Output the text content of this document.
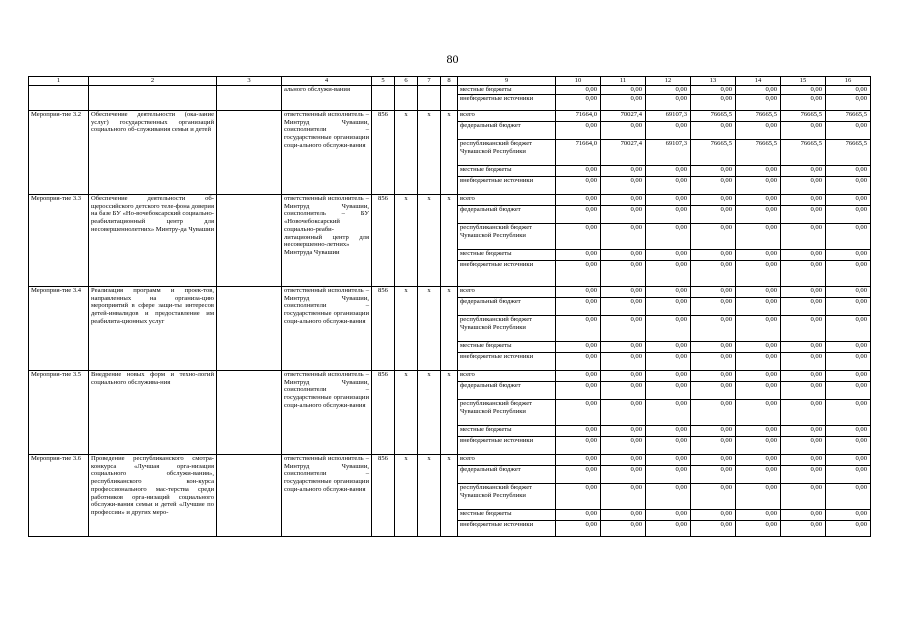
80
1	2	3	4	5	6	7	8	9	10	11	12	13	14	15	16
			ального обслужи-вания					местные бюджеты	0,00	0,00	0,00	0,00	0,00	0,00	0,00
								внебюджетные источники	0,00	0,00	0,00	0,00	0,00	0,00	0,00
Мероприя-тие 3.2	Обеспечение деятельности (ока-зание услуг) государственных организаций социального об-служивания семьи и детей		ответственный исполнитель – Минтруд Чувашии, соисполнители – государственные организации соци-ального обслужи-вания	856	x	x	x	всего	71664,0	70027,4	69107,3	76665,5	76665,5	76665,5	76665,5
								федеральный бюджет	0,00	0,00	0,00	0,00	0,00	0,00	0,00
								республиканский бюджет Чувашской Республики	71664,0	70027,4	69107,3	76665,5	76665,5	76665,5	76665,5
								местные бюджеты	0,00	0,00	0,00	0,00	0,00	0,00	0,00
								внебюджетные источники	0,00	0,00	0,00	0,00	0,00	0,00	0,00
Мероприя-тие 3.3	Обеспечение деятельности об-щероссийского детского теле-фона доверия на базе БУ «Но-вочебоксарский социально-реабилитационный центр для несовершеннолетних» Минтру-да Чувашии		ответственный исполнитель – Минтруд Чувашии, соисполнитель – БУ «Новочебоксарский социально-реаби-литационный центр для несовершенно-летних» Минтруда Чувашии	856	x	x	x	всего	0,00	0,00	0,00	0,00	0,00	0,00	0,00
								федеральный бюджет	0,00	0,00	0,00	0,00	0,00	0,00	0,00
								республиканский бюджет Чувашской Республики	0,00	0,00	0,00	0,00	0,00	0,00	0,00
								местные бюджеты	0,00	0,00	0,00	0,00	0,00	0,00	0,00
								внебюджетные источники	0,00	0,00	0,00	0,00	0,00	0,00	0,00
Мероприя-тие 3.4	Реализация программ и проек-тов, направленных на организа-цию мероприятий в сфере защи-ты интересов детей-инвалидов и предоставление им реабилита-ционных услуг		ответственный исполнитель – Минтруд Чувашии, соисполнители – государственные организации соци-ального обслужи-вания	856	x	x	x	всего	0,00	0,00	0,00	0,00	0,00	0,00	0,00
								федеральный бюджет	0,00	0,00	0,00	0,00	0,00	0,00	0,00
								республиканский бюджет Чувашской Республики	0,00	0,00	0,00	0,00	0,00	0,00	0,00
								местные бюджеты	0,00	0,00	0,00	0,00	0,00	0,00	0,00
								внебюджетные источники	0,00	0,00	0,00	0,00	0,00	0,00	0,00
Мероприя-тие 3.5	Внедрение новых форм и техно-логий социального обслужива-ния		ответственный исполнитель – Минтруд Чувашии, соисполнители – государственные организации соци-ального обслужи-вания	856	x	x	x	всего	0,00	0,00	0,00	0,00	0,00	0,00	0,00
								федеральный бюджет	0,00	0,00	0,00	0,00	0,00	0,00	0,00
								республиканский бюджет Чувашской Республики	0,00	0,00	0,00	0,00	0,00	0,00	0,00
								местные бюджеты	0,00	0,00	0,00	0,00	0,00	0,00	0,00
								внебюджетные источники	0,00	0,00	0,00	0,00	0,00	0,00	0,00
Мероприя-тие 3.6	Проведение республиканского смотра-конкурса «Лучшая орга-низация социального обслужи-вания», республиканского кон-курса профессионального мас-терства среди работников орга-низаций социального обслужи-вания семьи и детей «Лучшие по профессии» и других меро-		ответственный исполнитель – Минтруд Чувашии, соисполнители – государственные организации соци-ального обслужи-вания	856	x	x	x	всего	0,00	0,00	0,00	0,00	0,00	0,00	0,00
								федеральный бюджет	0,00	0,00	0,00	0,00	0,00	0,00	0,00
								республиканский бюджет Чувашской Республики	0,00	0,00	0,00	0,00	0,00	0,00	0,00
								местные бюджеты	0,00	0,00	0,00	0,00	0,00	0,00	0,00
								внебюджетные источники	0,00	0,00	0,00	0,00	0,00	0,00	0,00
